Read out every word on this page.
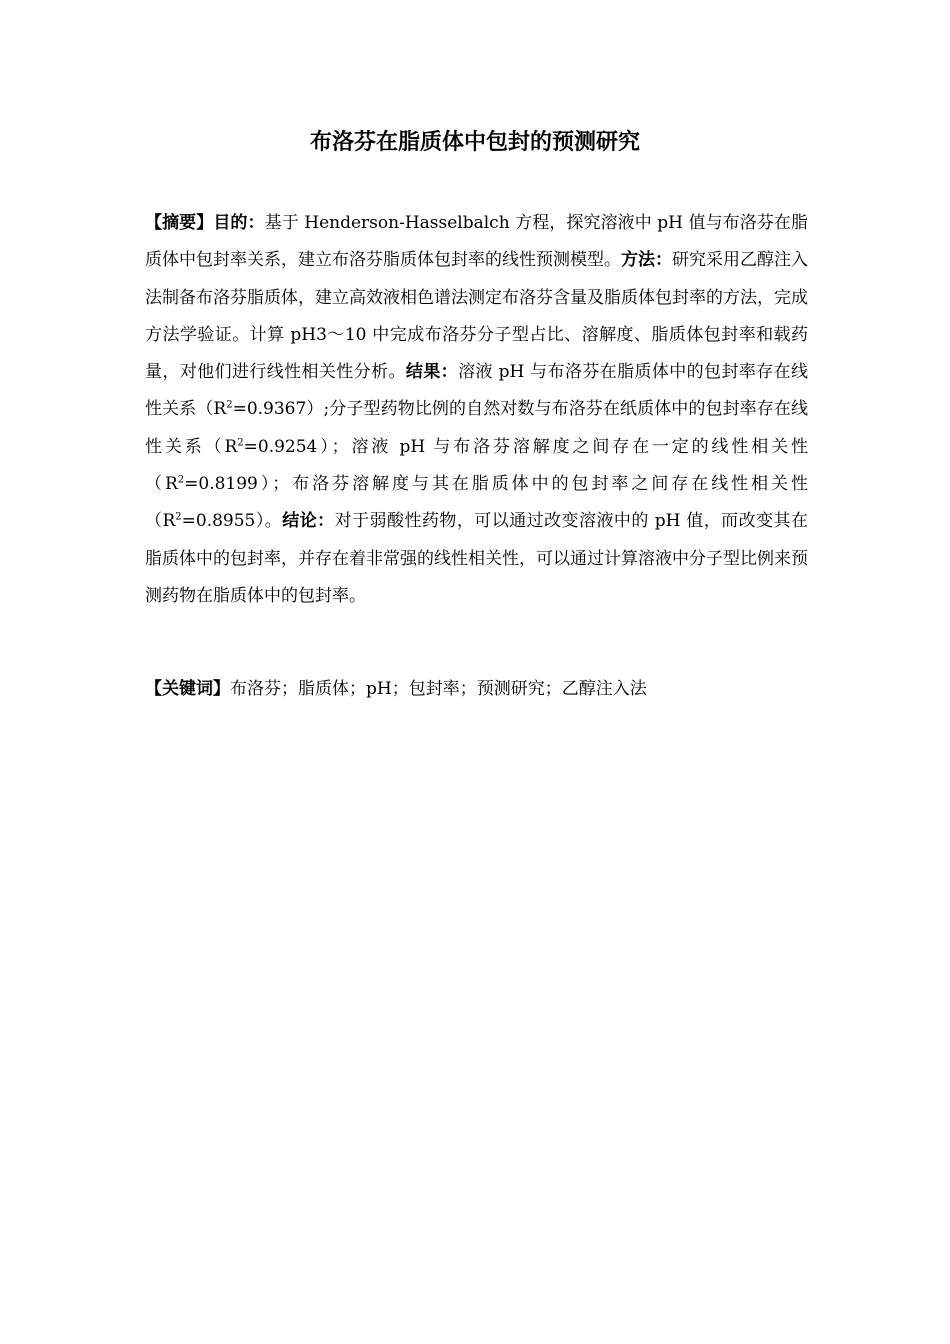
布洛芬在脂质体中包封的预测研究

【摘要】目的：基于 Henderson-Hasselbalch 方程，探究溶液中 pH 值与布洛芬在脂质体中包封率关系，建立布洛芬脂质体包封率的线性预测模型。方法：研究采用乙醇注入法制备布洛芬脂质体，建立高效液相色谱法测定布洛芬含量及脂质体包封率的方法，完成方法学验证。计算 pH3～10 中完成布洛芬分子型占比、溶解度、脂质体包封率和载药量，对他们进行线性相关性分析。结果：溶液 pH 与布洛芬在脂质体中的包封率存在线性关系$(R^2=0.9367)$;分子型药物比例的自然对数与布洛芬在纸质体中的包封率存在线性关系$(R^2=0.9254)$；溶液 pH 与布洛芬溶解度之间存在一定的线性相关性$(R^2=0.8199)$；布洛芬溶解度与其在脂质体中的包封率之间存在线性相关性$(R^2=0.8955)$。结论：对于弱酸性药物，可以通过改变溶液中的 pH 值，而改变其在脂质体中的包封率，并存在着非常强的线性相关性，可以通过计算溶液中分子型比例来预测药物在脂质体中的包封率。

【关键词】布洛芬；脂质体；pH；包封率；预测研究；乙醇注入法
